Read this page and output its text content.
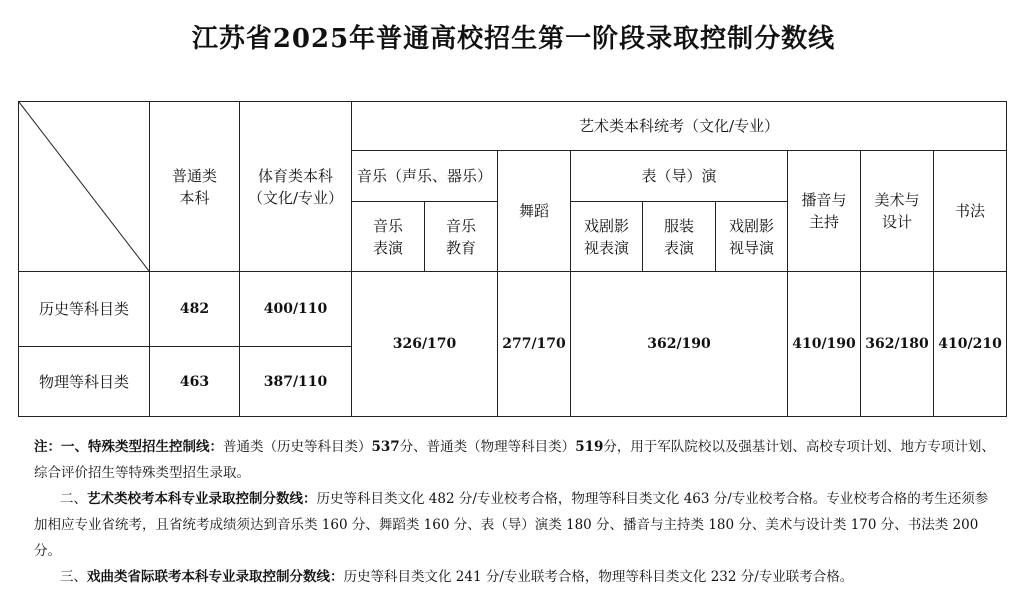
江苏省2025年普通高校招生第一阶段录取控制分数线

普通类本科	体育类本科（文化/专业）	艺术类本科统考（文化/专业）								
			音乐（声乐、器乐）		舞蹈	表（导）演			播音与主持	美术与设计	书法

			音乐表演	音乐教育		戏剧影视表演	服装表演	戏剧影视导演			

历史等科目类	482	400/110	326/170		277/170	362/190			410/190	362/180	410/210
物理等科目类	463	387/110									

注：一、特殊类型招生控制线：普通类（历史等科目类）537分、普通类（物理等科目类）519分，用于军队院校以及强基计划、高校专项计划、地方专项计划、综合评价招生等特殊类型招生录取。

二、艺术类校考本科专业录取控制分数线：历史等科目类文化 482 分/专业校考合格，物理等科目类文化 463 分/专业校考合格。专业校考合格的考生还须参加相应专业省统考，且省统考成绩须达到音乐类 160 分、舞蹈类 160 分、表（导）演类 180 分、播音与主持类 180 分、美术与设计类 170 分、书法类 200 分。

三、戏曲类省际联考本科专业录取控制分数线：历史等科目类文化 241 分/专业联考合格，物理等科目类文化 232 分/专业联考合格。
